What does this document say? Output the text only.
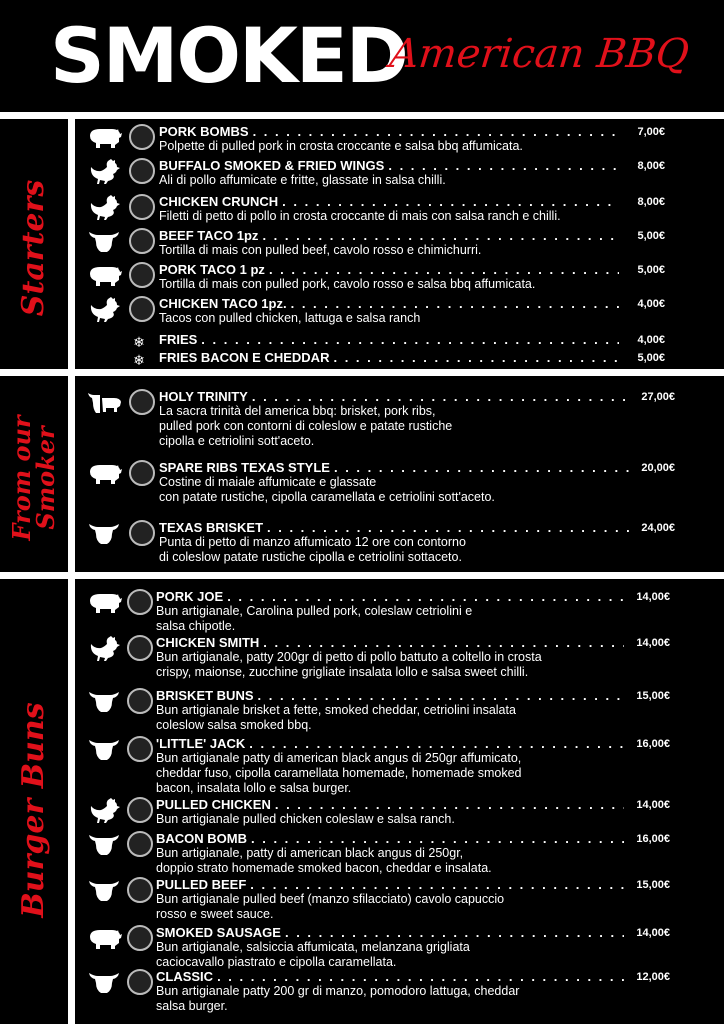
SMOKED
American BBQ
Starters
From our
Smoker
Burger Buns
PORK BOMBS . . .	7,00€
Polpette di pulled pork in crosta croccante e salsa bbq affumicata.
BUFFALO SMOKED & FRIED WINGS . . .	8,00€
Ali di pollo affumicate e fritte, glassate in salsa chilli.
CHICKEN CRUNCH . . .	8,00€
Filetti di petto di pollo in crosta croccante di mais con salsa ranch e chilli.
BEEF TACO 1pz . . .	5,00€
Tortilla di mais con pulled beef, cavolo rosso e chimichurri.
PORK TACO 1 pz . . .	5,00€
Tortilla di mais con pulled pork, cavolo rosso e salsa bbq affumicata.
CHICKEN TACO 1pz. . . .	4,00€
Tacos con pulled chicken, lattuga e salsa ranch
❄ FRIES . . .	4,00€
❄ FRIES BACON E CHEDDAR . . .	5,00€
HOLY TRINITY . . .	27,00€
La sacra trinità del america bbq: brisket, pork ribs,
pulled pork con contorni di coleslow e patate rustiche
cipolla e cetriolini sott'aceto.
SPARE RIBS TEXAS STYLE . . .	20,00€
Costine di maiale affumicate e glassate
con patate rustiche, cipolla caramellata e cetriolini sott'aceto.
TEXAS BRISKET . . .	24,00€
Punta di petto di manzo affumicato 12 ore con contorno
di coleslow patate rustiche cipolla e cetriolini sottaceto.
PORK JOE . . .	14,00€
Bun artigianale, Carolina pulled pork, coleslaw cetriolini e
salsa chipotle.
CHICKEN SMITH . . .	14,00€
Bun artigianale, patty 200gr di petto di pollo battuto a coltello in crosta
crispy, maionse, zucchine grigliate insalata lollo e salsa sweet chilli.
BRISKET BUNS . . .	15,00€
Bun artigianale brisket a fette, smoked cheddar, cetriolini insalata
coleslow salsa smoked bbq.
'LITTLE' JACK . . .	16,00€
Bun artigianale patty di american black angus di 250gr affumicato,
cheddar fuso, cipolla caramellata homemade, homemade smoked
bacon, insalata lollo e salsa burger.
PULLED CHICKEN . . .	14,00€
Bun artigianale pulled chicken coleslaw e salsa ranch.
BACON BOMB . . .	16,00€
Bun artigianale, patty di american black angus di 250gr,
doppio strato homemade smoked bacon, cheddar e insalata.
PULLED BEEF . . .	15,00€
Bun artigianale pulled beef (manzo sfilacciato) cavolo capuccio
rosso e sweet sauce.
SMOKED SAUSAGE . . .	14,00€
Bun artigianale, salsiccia affumicata, melanzana grigliata
caciocavallo piastrato e cipolla caramellata.
CLASSIC . . .	12,00€
Bun artigianale patty 200 gr di manzo, pomodoro lattuga, cheddar
salsa burger.
